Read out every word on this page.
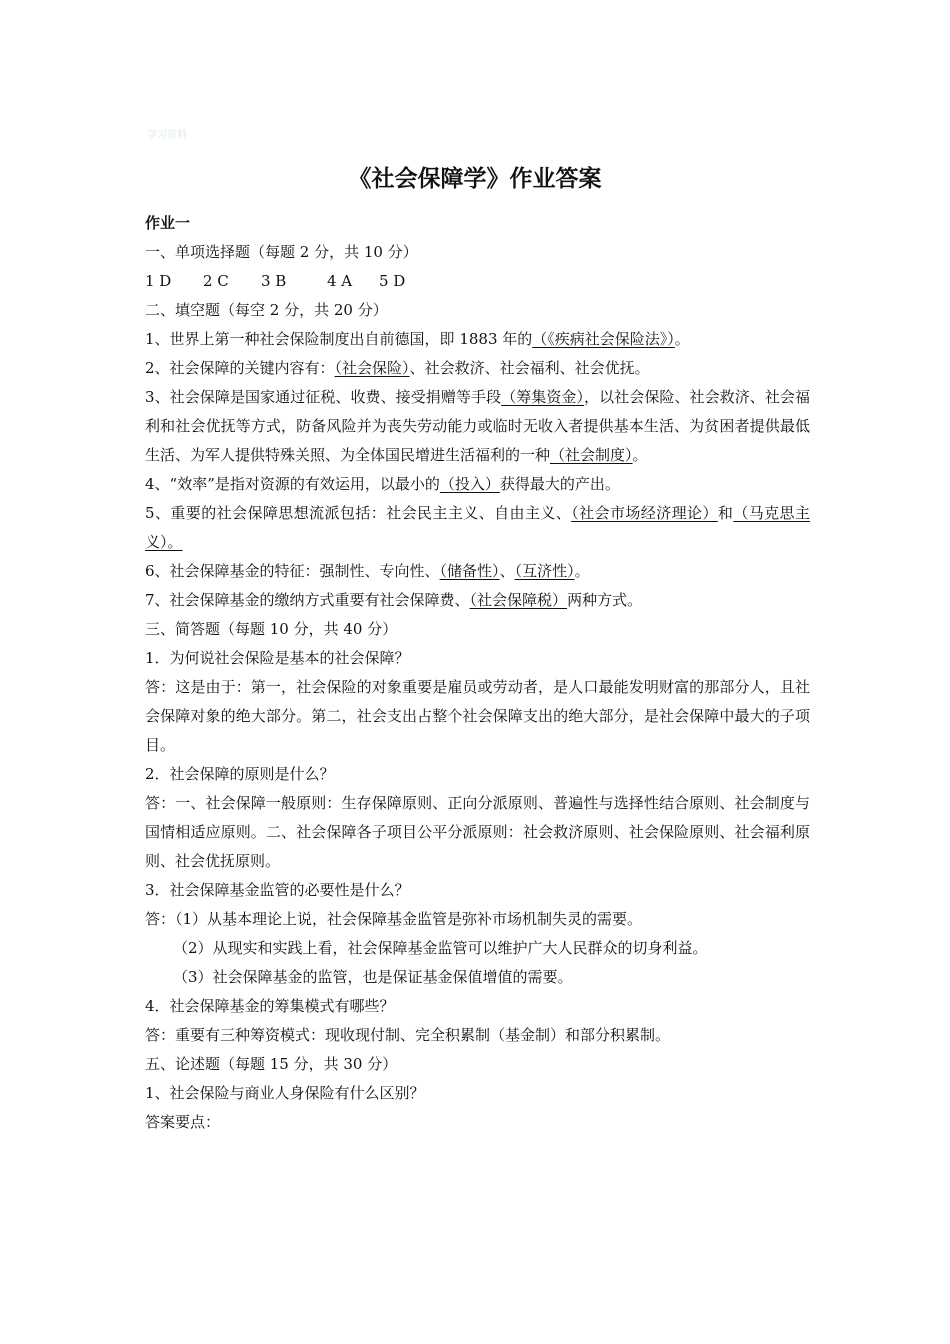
学习资料
《社会保障学》作业答案

作业一

一、单项选择题（每题 2 分，共 10 分）

1 D 2 C 3 B	4 A 5 D

二、填空题（每空 2 分，共 20 分）

1、世界上第一种社会保险制度出自前德国，即 1883 年的（《疾病社会保险法》）。

2、社会保障的关键内容有：（社会保险）、社会救济、社会福利、社会优抚。

3、社会保障是国家通过征税、收费、接受捐赠等手段（筹集资金），以社会保险、社会救济、社会福利和社会优抚等方式，防备风险并为丧失劳动能力或临时无收入者提供基本生活、为贫困者提供最低生活、为军人提供特殊关照、为全体国民增进生活福利的一种（社会制度）。

4、“效率”是指对资源的有效运用，以最小的（投入）获得最大的产出。

5、重要的社会保障思想流派包括：社会民主主义、自由主义、（社会市场经济理论）和（马克思主义）。

6、社会保障基金的特征：强制性、专向性、（储备性）、（互济性）。

7、社会保障基金的缴纳方式重要有社会保障费、（社会保障税）两种方式。

三、简答题（每题 10 分，共 40 分）

1．为何说社会保险是基本的社会保障？

答：这是由于：第一，社会保险的对象重要是雇员或劳动者，是人口最能发明财富的那部分人，且社会保障对象的绝大部分。第二，社会支出占整个社会保障支出的绝大部分，是社会保障中最大的子项目。

2．社会保障的原则是什么？

答：一、社会保障一般原则：生存保障原则、正向分派原则、普遍性与选择性结合原则、社会制度与国情相适应原则。二、社会保障各子项目公平分派原则：社会救济原则、社会保险原则、社会福利原则、社会优抚原则。

3．社会保障基金监管的必要性是什么？

答：（1）从基本理论上说，社会保障基金监管是弥补市场机制失灵的需要。

（2）从现实和实践上看，社会保障基金监管可以维护广大人民群众的切身利益。

（3）社会保障基金的监管，也是保证基金保值增值的需要。

4．社会保障基金的筹集模式有哪些？

答：重要有三种筹资模式：现收现付制、完全积累制（基金制）和部分积累制。

五、论述题（每题 15 分，共 30 分）

1、社会保险与商业人身保险有什么区别？

答案要点：
